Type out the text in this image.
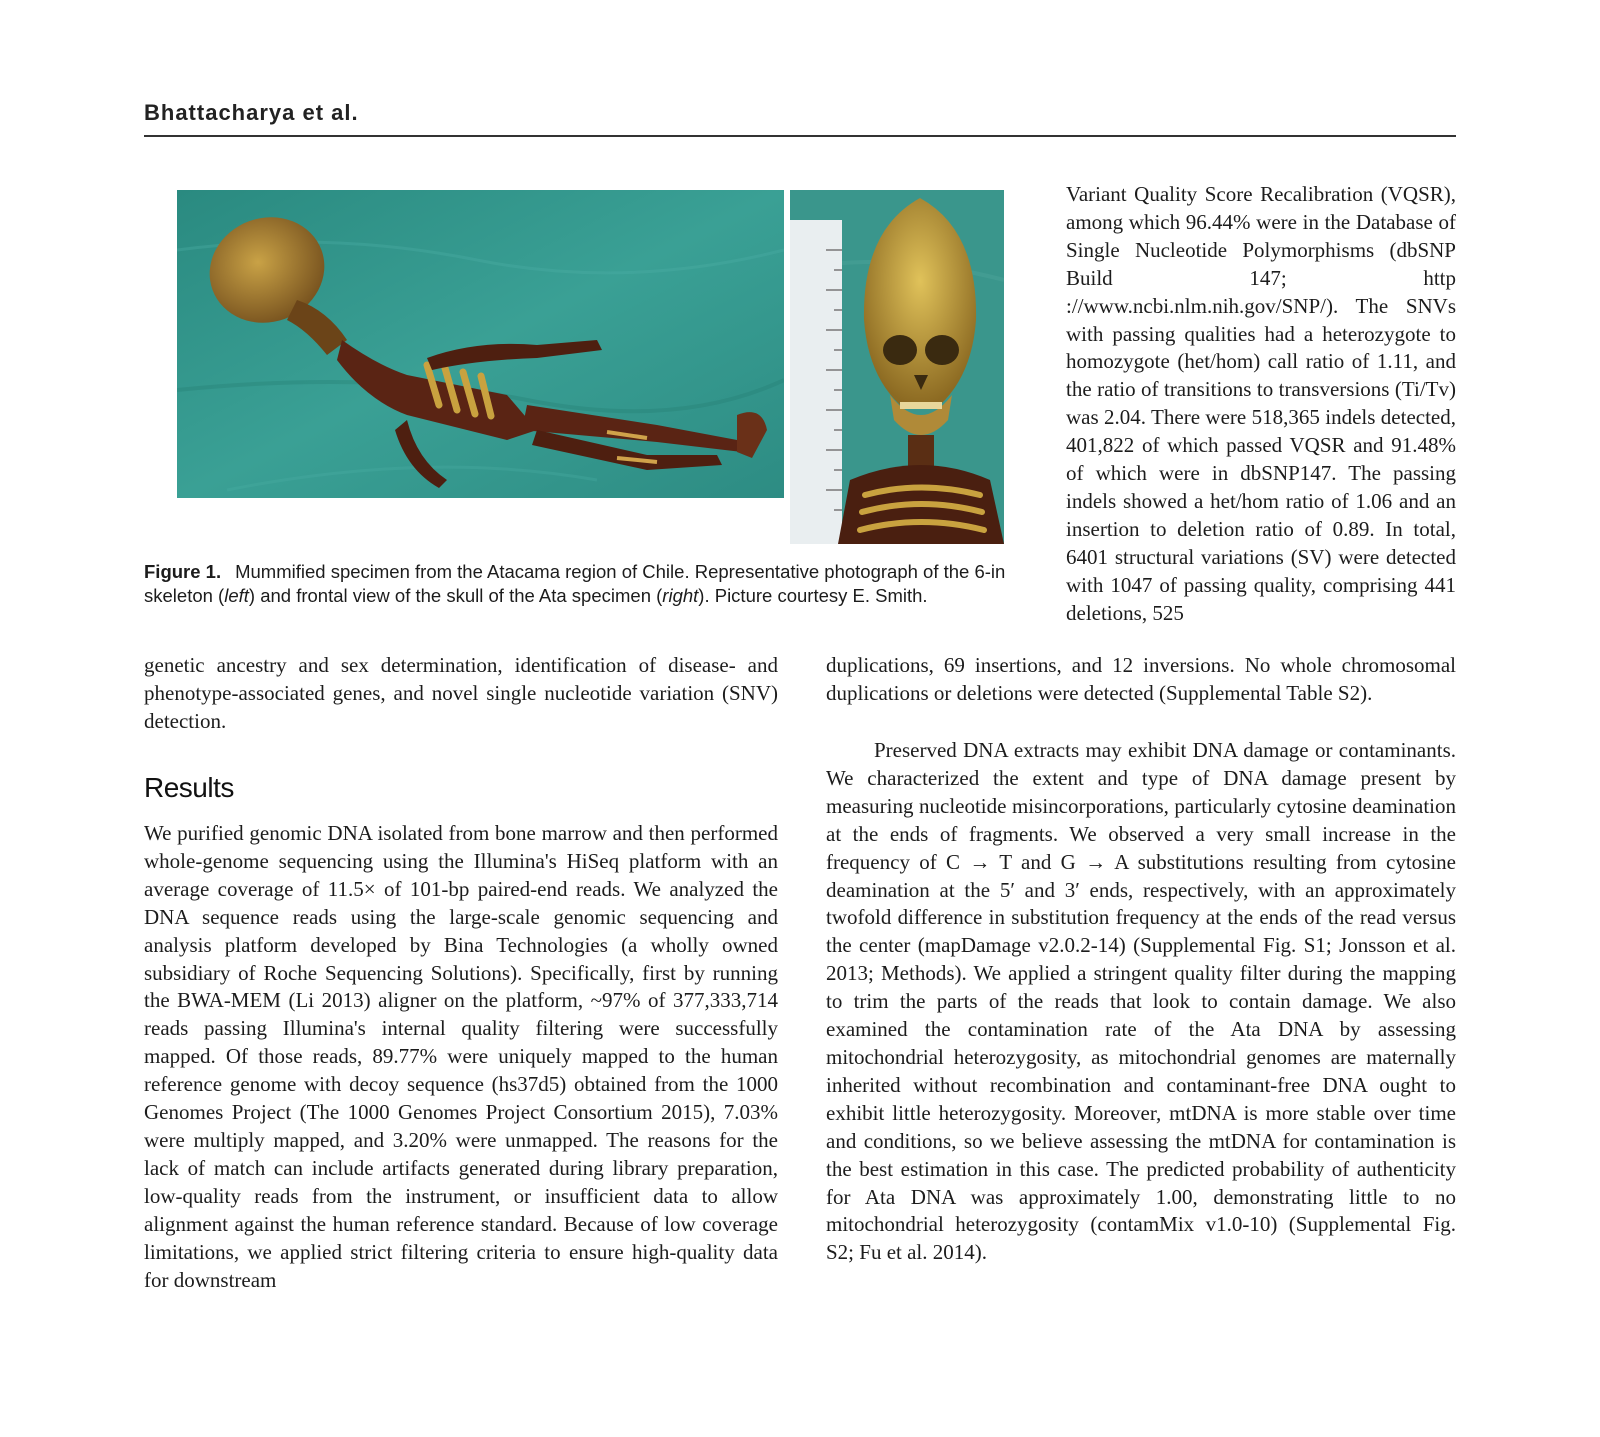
Bhattacharya et al.
Figure 1. Mummified specimen from the Atacama region of Chile. Representative photograph of the 6-in skeleton (left) and frontal view of the skull of the Ata specimen (right). Picture courtesy E. Smith.

Variant Quality Score Recalibration (VQSR), among which 96.44% were in the Database of Single Nucleotide Polymorphisms (dbSNP Build 147; http ://www.ncbi.nlm.nih.gov/SNP/). The SNVs with passing qualities had a heterozygote to homozygote (het/hom) call ratio of 1.11, and the ratio of transitions to transversions (Ti/Tv) was 2.04. There were 518,365 indels detected, 401,822 of which passed VQSR and 91.48% of which were in dbSNP147. The passing indels showed a het/hom ratio of 1.06 and an insertion to deletion ratio of 0.89. In total, 6401 structural variations (SV) were detected with 1047 of passing quality, comprising 441 deletions, 525

genetic ancestry and sex determination, identification of disease- and phenotype-associated genes, and novel single nucleotide variation (SNV) detection.

Results

We purified genomic DNA isolated from bone marrow and then performed whole-genome sequencing using the Illumina's HiSeq platform with an average coverage of 11.5× of 101-bp paired-end reads. We analyzed the DNA sequence reads using the large-scale genomic sequencing and analysis platform developed by Bina Technologies (a wholly owned subsidiary of Roche Sequencing Solutions). Specifically, first by running the BWA-MEM (Li 2013) aligner on the platform, ~97% of 377,333,714 reads passing Illumina's internal quality filtering were successfully mapped. Of those reads, 89.77% were uniquely mapped to the human reference genome with decoy sequence (hs37d5) obtained from the 1000 Genomes Project (The 1000 Genomes Project Consortium 2015), 7.03% were multiply mapped, and 3.20% were unmapped. The reasons for the lack of match can include artifacts generated during library preparation, low-quality reads from the instrument, or insufficient data to allow alignment against the human reference standard. Because of low coverage limitations, we applied strict filtering criteria to ensure high-quality data for downstream

duplications, 69 insertions, and 12 inversions. No whole chromosomal duplications or deletions were detected (Supplemental Table S2).

Preserved DNA extracts may exhibit DNA damage or contaminants. We characterized the extent and type of DNA damage present by measuring nucleotide misincorporations, particularly cytosine deamination at the ends of fragments. We observed a very small increase in the frequency of C → T and G → A substitutions resulting from cytosine deamination at the 5′ and 3′ ends, respectively, with an approximately twofold difference in substitution frequency at the ends of the read versus the center (mapDamage v2.0.2-14) (Supplemental Fig. S1; Jonsson et al. 2013; Methods). We applied a stringent quality filter during the mapping to trim the parts of the reads that look to contain damage. We also examined the contamination rate of the Ata DNA by assessing mitochondrial heterozygosity, as mitochondrial genomes are maternally inherited without recombination and contaminant-free DNA ought to exhibit little heterozygosity. Moreover, mtDNA is more stable over time and conditions, so we believe assessing the mtDNA for contamination is the best estimation in this case. The predicted probability of authenticity for Ata DNA was approximately 1.00, demonstrating little to no mitochondrial heterozygosity (contamMix v1.0-10) (Supplemental Fig. S2; Fu et al. 2014).
